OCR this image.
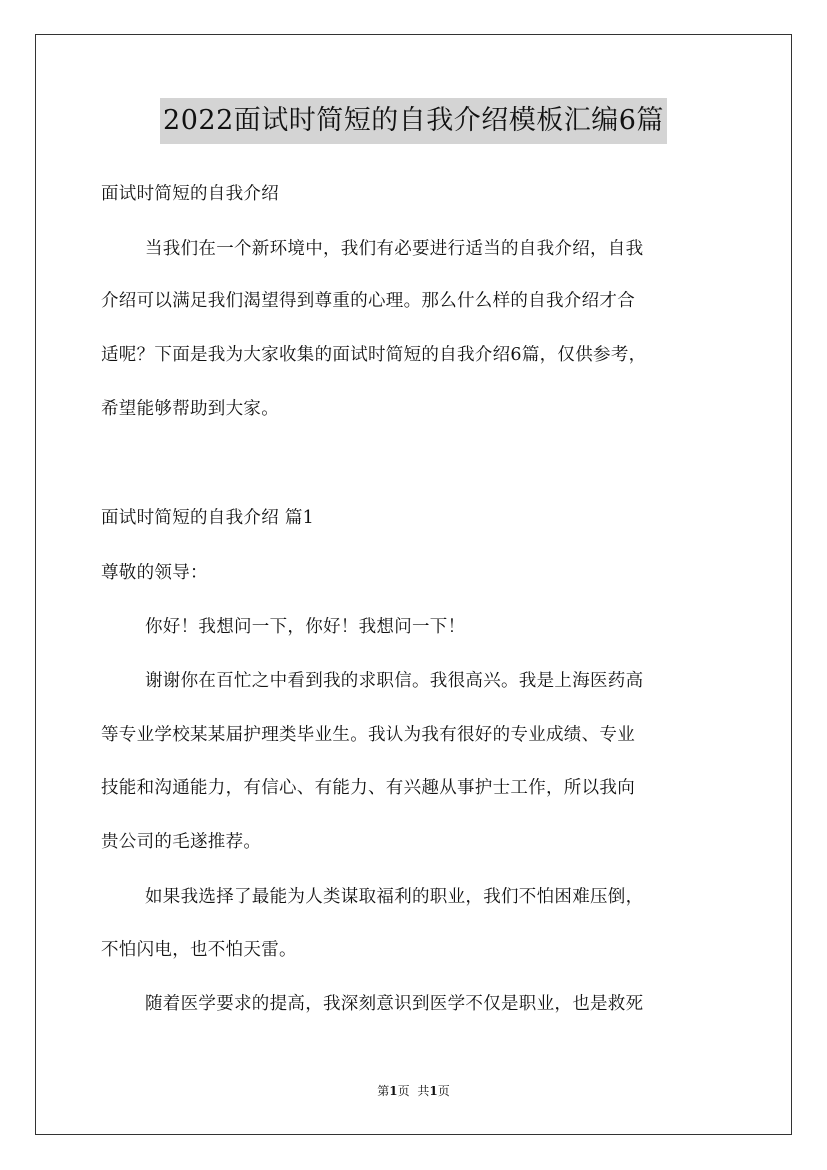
2022面试时简短的自我介绍模板汇编6篇
面试时简短的自我介绍
当我们在一个新环境中，我们有必要进行适当的自我介绍，自我
介绍可以满足我们渴望得到尊重的心理。那么什么样的自我介绍才合
适呢？下面是我为大家收集的面试时简短的自我介绍6篇，仅供参考，
希望能够帮助到大家。
面试时简短的自我介绍 篇1
尊敬的领导：
你好！我想问一下，你好！我想问一下！
谢谢你在百忙之中看到我的求职信。我很高兴。我是上海医药高
等专业学校某某届护理类毕业生。我认为我有很好的专业成绩、专业
技能和沟通能力，有信心、有能力、有兴趣从事护士工作，所以我向
贵公司的毛遂推荐。
如果我选择了最能为人类谋取福利的职业，我们不怕困难压倒，
不怕闪电，也不怕天雷。
随着医学要求的提高，我深刻意识到医学不仅是职业，也是救死
第1页 共1页
